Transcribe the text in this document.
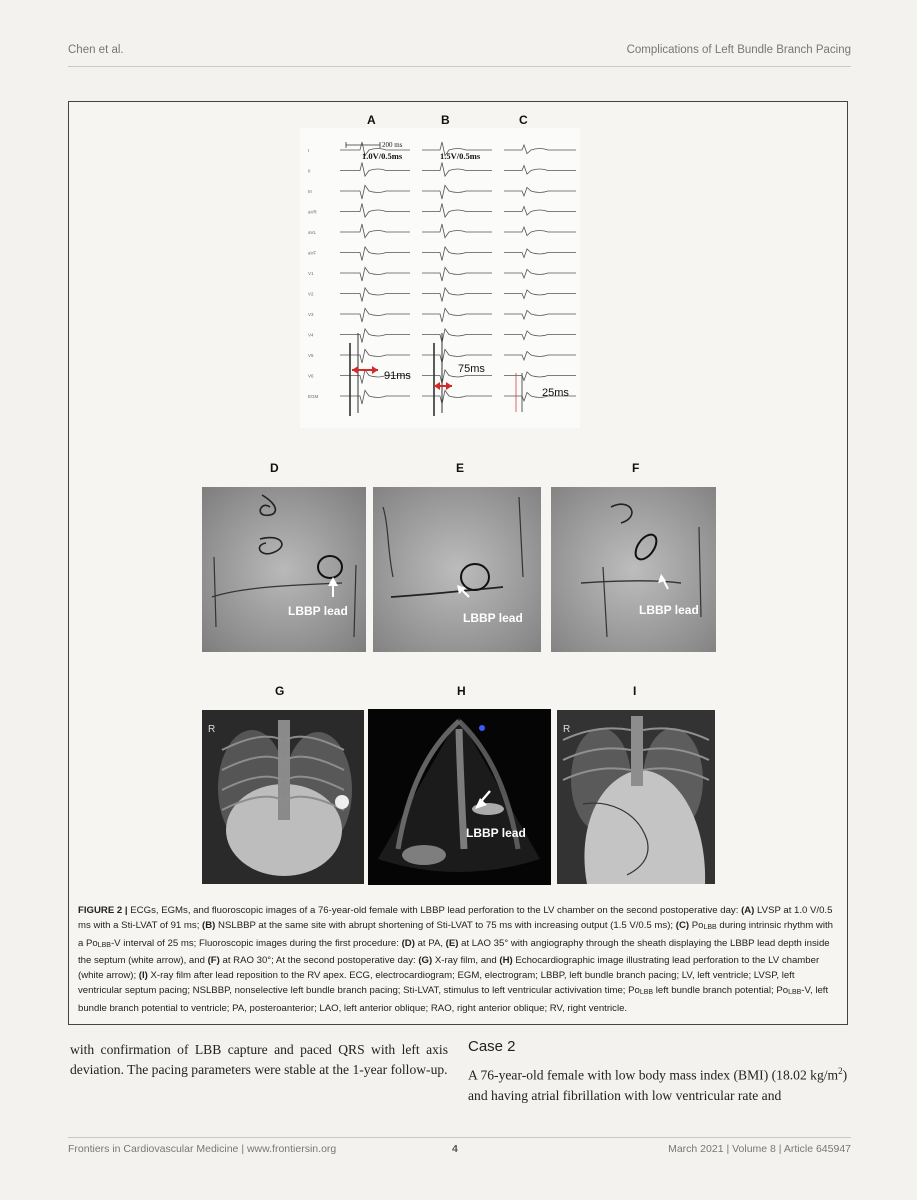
Chen et al.	Complications of Left Bundle Branch Pacing
A	B	C
D	E	F
G	H	I
I
II
III
aVR
aVL
aVF
V1
V2
V3
V4
V5
V6
EGM
200 ms
1.0V/0.5ms	1.5V/0.5ms
91ms
75ms
25ms
LBBP lead	LBBP lead
LBBP lead
R
LBBP lead
R
FIGURE 2 | ECGs, EGMs, and fluoroscopic images of a 76-year-old female with LBBP lead perforation to the LV chamber on the second postoperative day: (A) LVSP at 1.0 V/0.5 ms with a Sti-LVAT of 91 ms; (B) NSLBBP at the same site with abrupt shortening of Sti-LVAT to 75 ms with increasing output (1.5 V/0.5 ms); (C) PoLBB during intrinsic rhythm with a PoLBB-V interval of 25 ms; Fluoroscopic images during the first procedure: (D) at PA, (E) at LAO 35° with angiography through the sheath displaying the LBBP lead depth inside the septum (white arrow), and (F) at RAO 30°; At the second postoperative day: (G) X-ray film, and (H) Echocardiographic image illustrating lead perforation to the LV chamber (white arrow); (I) X-ray film after lead reposition to the RV apex. ECG, electrocardiogram; EGM, electrogram; LBBP, left bundle branch pacing; LV, left ventricle; LVSP, left ventricular septum pacing; NSLBBP, nonselective left bundle branch pacing; Sti-LVAT, stimulus to left ventricular activivation time; PoLBB left bundle branch potential; PoLBB-V, left bundle branch potential to ventricle; PA, posteroanterior; LAO, left anterior oblique; RAO, right anterior oblique; RV, right ventricle.
with confirmation of LBB capture and paced QRS with left axis deviation. The pacing parameters were stable at the 1-year follow-up.
Case 2
A 76-year-old female with low body mass index (BMI) (18.02 $kg/m^2$) and having atrial fibrillation with low ventricular rate and
Frontiers in Cardiovascular Medicine | www.frontiersin.org	4	March 2021 | Volume 8 | Article 645947
